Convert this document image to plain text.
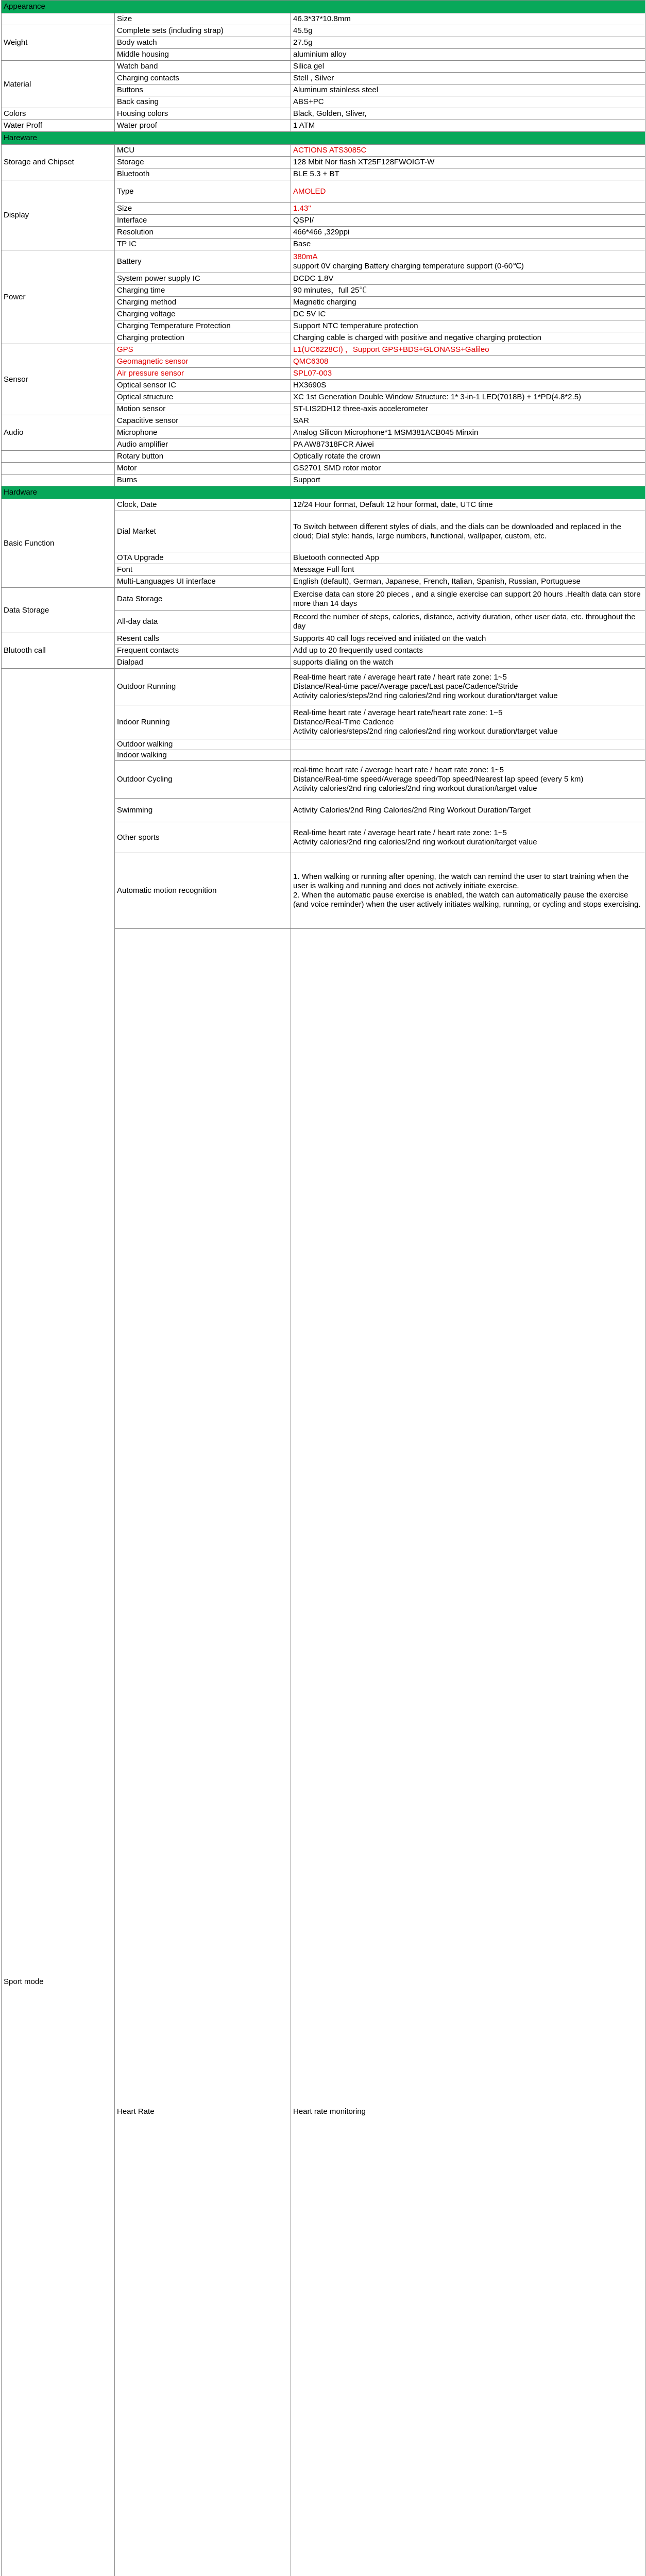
Appearance			
	Size	46.3*37*10.8mm	
Weight	Complete sets (including strap)	45.5g	
	Body watch	27.5g	
	Middle housing	aluminium alloy	
Material	Watch band	Silica gel	
	Charging contacts	Stell , Silver	
	Buttons	Aluminum stainless steel	
	Back casing	ABS+PC	
Colors	Housing colors	Black, Golden, Sliver,	
Water Proff	Water proof	1 ATM	
Hareware			
Storage and Chipset	MCU	ACTIONS ATS3085C	
	Storage	128 Mbit Nor flash XT25F128FWOIGT-W	
	Bluetooth	BLE 5.3 + BT	
Display	Type	AMOLED	
	Size	1.43"	
	Interface	QSPI/	
	Resolution	466*466 ,329ppi	
	TP IC	Base	
Power	Battery	380mA
support 0V charging Battery charging temperature support (0-60℃)	
	System power supply IC	DCDC 1.8V	
	Charging time	90 minutes，full 25℃	
	Charging method	Magnetic charging	
	Charging voltage	DC 5V IC	
	Charging Temperature Protection	Support NTC temperature protection	
	Charging protection	Charging cable is charged with positive and negative charging protection	
Sensor	GPS	L1(UC6228CI) ，Support GPS+BDS+GLONASS+Galileo	
	Geomagnetic sensor	QMC6308	
	Air pressure sensor	SPL07-003	
	Optical sensor IC	HX3690S	
	Optical structure	XC 1st Generation Double Window Structure: 1* 3-in-1 LED(7018B) + 1*PD(4.8*2.5)	
	Motion sensor	ST-LIS2DH12 three-axis accelerometer	
Audio	Capacitive sensor	SAR	
	Microphone	Analog Silicon Microphone*1 MSM381ACB045 Minxin	
	Audio amplifier	PA AW87318FCR Aiwei	
	Rotary button	Optically rotate the crown	
	Motor	GS2701 SMD rotor motor	
	Burns	Support	
Hardware			
Basic Function	Clock, Date	12/24 Hour format, Default 12 hour format, date, UTC time	
	Dial Market	To Switch between different styles of dials, and the dials can be downloaded and replaced in the cloud; Dial style: hands, large numbers, functional, wallpaper, custom, etc.	
	OTA Upgrade	Bluetooth connected App	
	Font	Message Full font	
	Multi-Languages UI interface	English (default), German, Japanese, French, Italian, Spanish, Russian, Portuguese	
Data Storage	Data Storage	Exercise data can store 20 pieces , and a single exercise can support 20 hours .Health data can store more than 14 days	
	All-day data	Record the number of steps, calories, distance, activity duration, other user data, etc. throughout the day	
Blutooth call	Resent calls	Supports 40 call logs received and initiated on the watch	
	Frequent contacts	Add up to 20 frequently used contacts	
	Dialpad	supports dialing on the watch	
Sport mode	Outdoor Running	Real-time heart rate / average heart rate / heart rate zone: 1~5
Distance/Real-time pace/Average pace/Last pace/Cadence/Stride
Activity calories/steps/2nd ring calories/2nd ring workout duration/target value	
	Indoor Running	Real-time heart rate / average heart rate/heart rate zone: 1~5
Distance/Real-Time Cadence
Activity calories/steps/2nd ring calories/2nd ring workout duration/target value	
	Outdoor walking		
	Indoor walking		
	Outdoor Cycling	real-time heart rate / average heart rate / heart rate zone: 1~5
Distance/Real-time speed/Average speed/Top speed/Nearest lap speed (every 5 km)
Activity calories/2nd ring calories/2nd ring workout duration/target value	
	Swimming	Activity Calories/2nd Ring Calories/2nd Ring Workout Duration/Target	
	Other sports	Real-time heart rate / average heart rate / heart rate zone: 1~5
Activity calories/2nd ring calories/2nd ring workout duration/target value	
	Automatic motion recognition	1. When walking or running after opening, the watch can remind the user to start training when the user is walking and running and does not actively initiate exercise.
2. When the automatic pause exercise is enabled, the watch can automatically pause the exercise (and voice reminder) when the user actively initiates walking, running, or cycling and stops exercising.	
	Heart Rate	Heart rate monitoring	
